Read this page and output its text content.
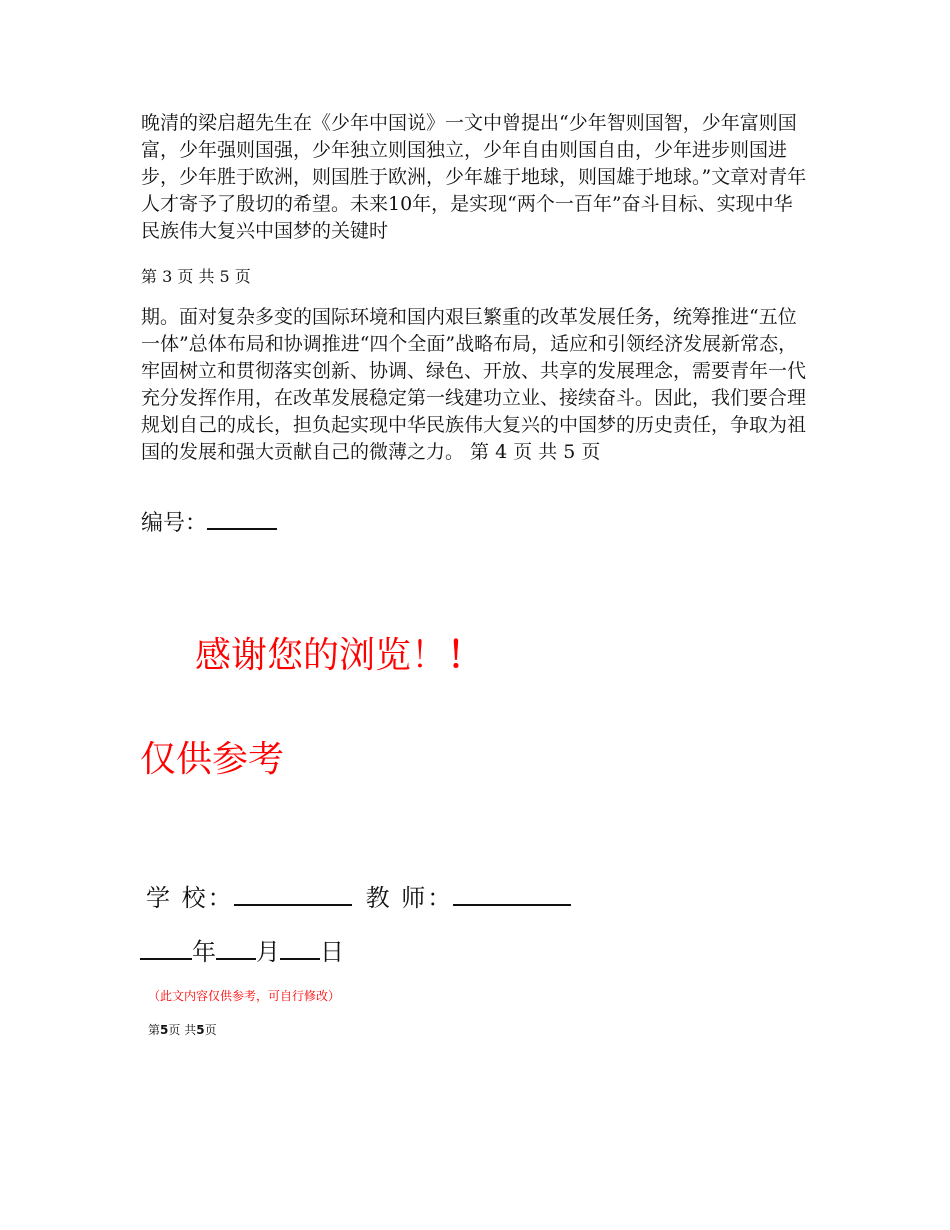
晚清的梁启超先生在《少年中国说》一文中曾提出“少年智则国智，少年富则国富，少年强则国强，少年独立则国独立，少年自由则国自由，少年进步则国进步，少年胜于欧洲，则国胜于欧洲，少年雄于地球，则国雄于地球。”文章对青年人才寄予了殷切的希望。未来10年，是实现“两个一百年”奋斗目标、实现中华民族伟大复兴中国梦的关键时

第 3 页 共 5 页

期。面对复杂多变的国际环境和国内艰巨繁重的改革发展任务，统筹推进“五位一体”总体布局和协调推进“四个全面”战略布局，适应和引领经济发展新常态，牢固树立和贯彻落实创新、协调、绿色、开放、共享的发展理念，需要青年一代充分发挥作用，在改革发展稳定第一线建功立业、接续奋斗。因此，我们要合理规划自己的成长，担负起实现中华民族伟大复兴的中国梦的历史责任，争取为祖国的发展和强大贡献自己的微薄之力。 第 4 页 共 5 页

编号：
感谢您的浏览！！
仅供参考
学 校：	教 师：
年 月 日
（此文内容仅供参考，可自行修改）
第5页 共5页
